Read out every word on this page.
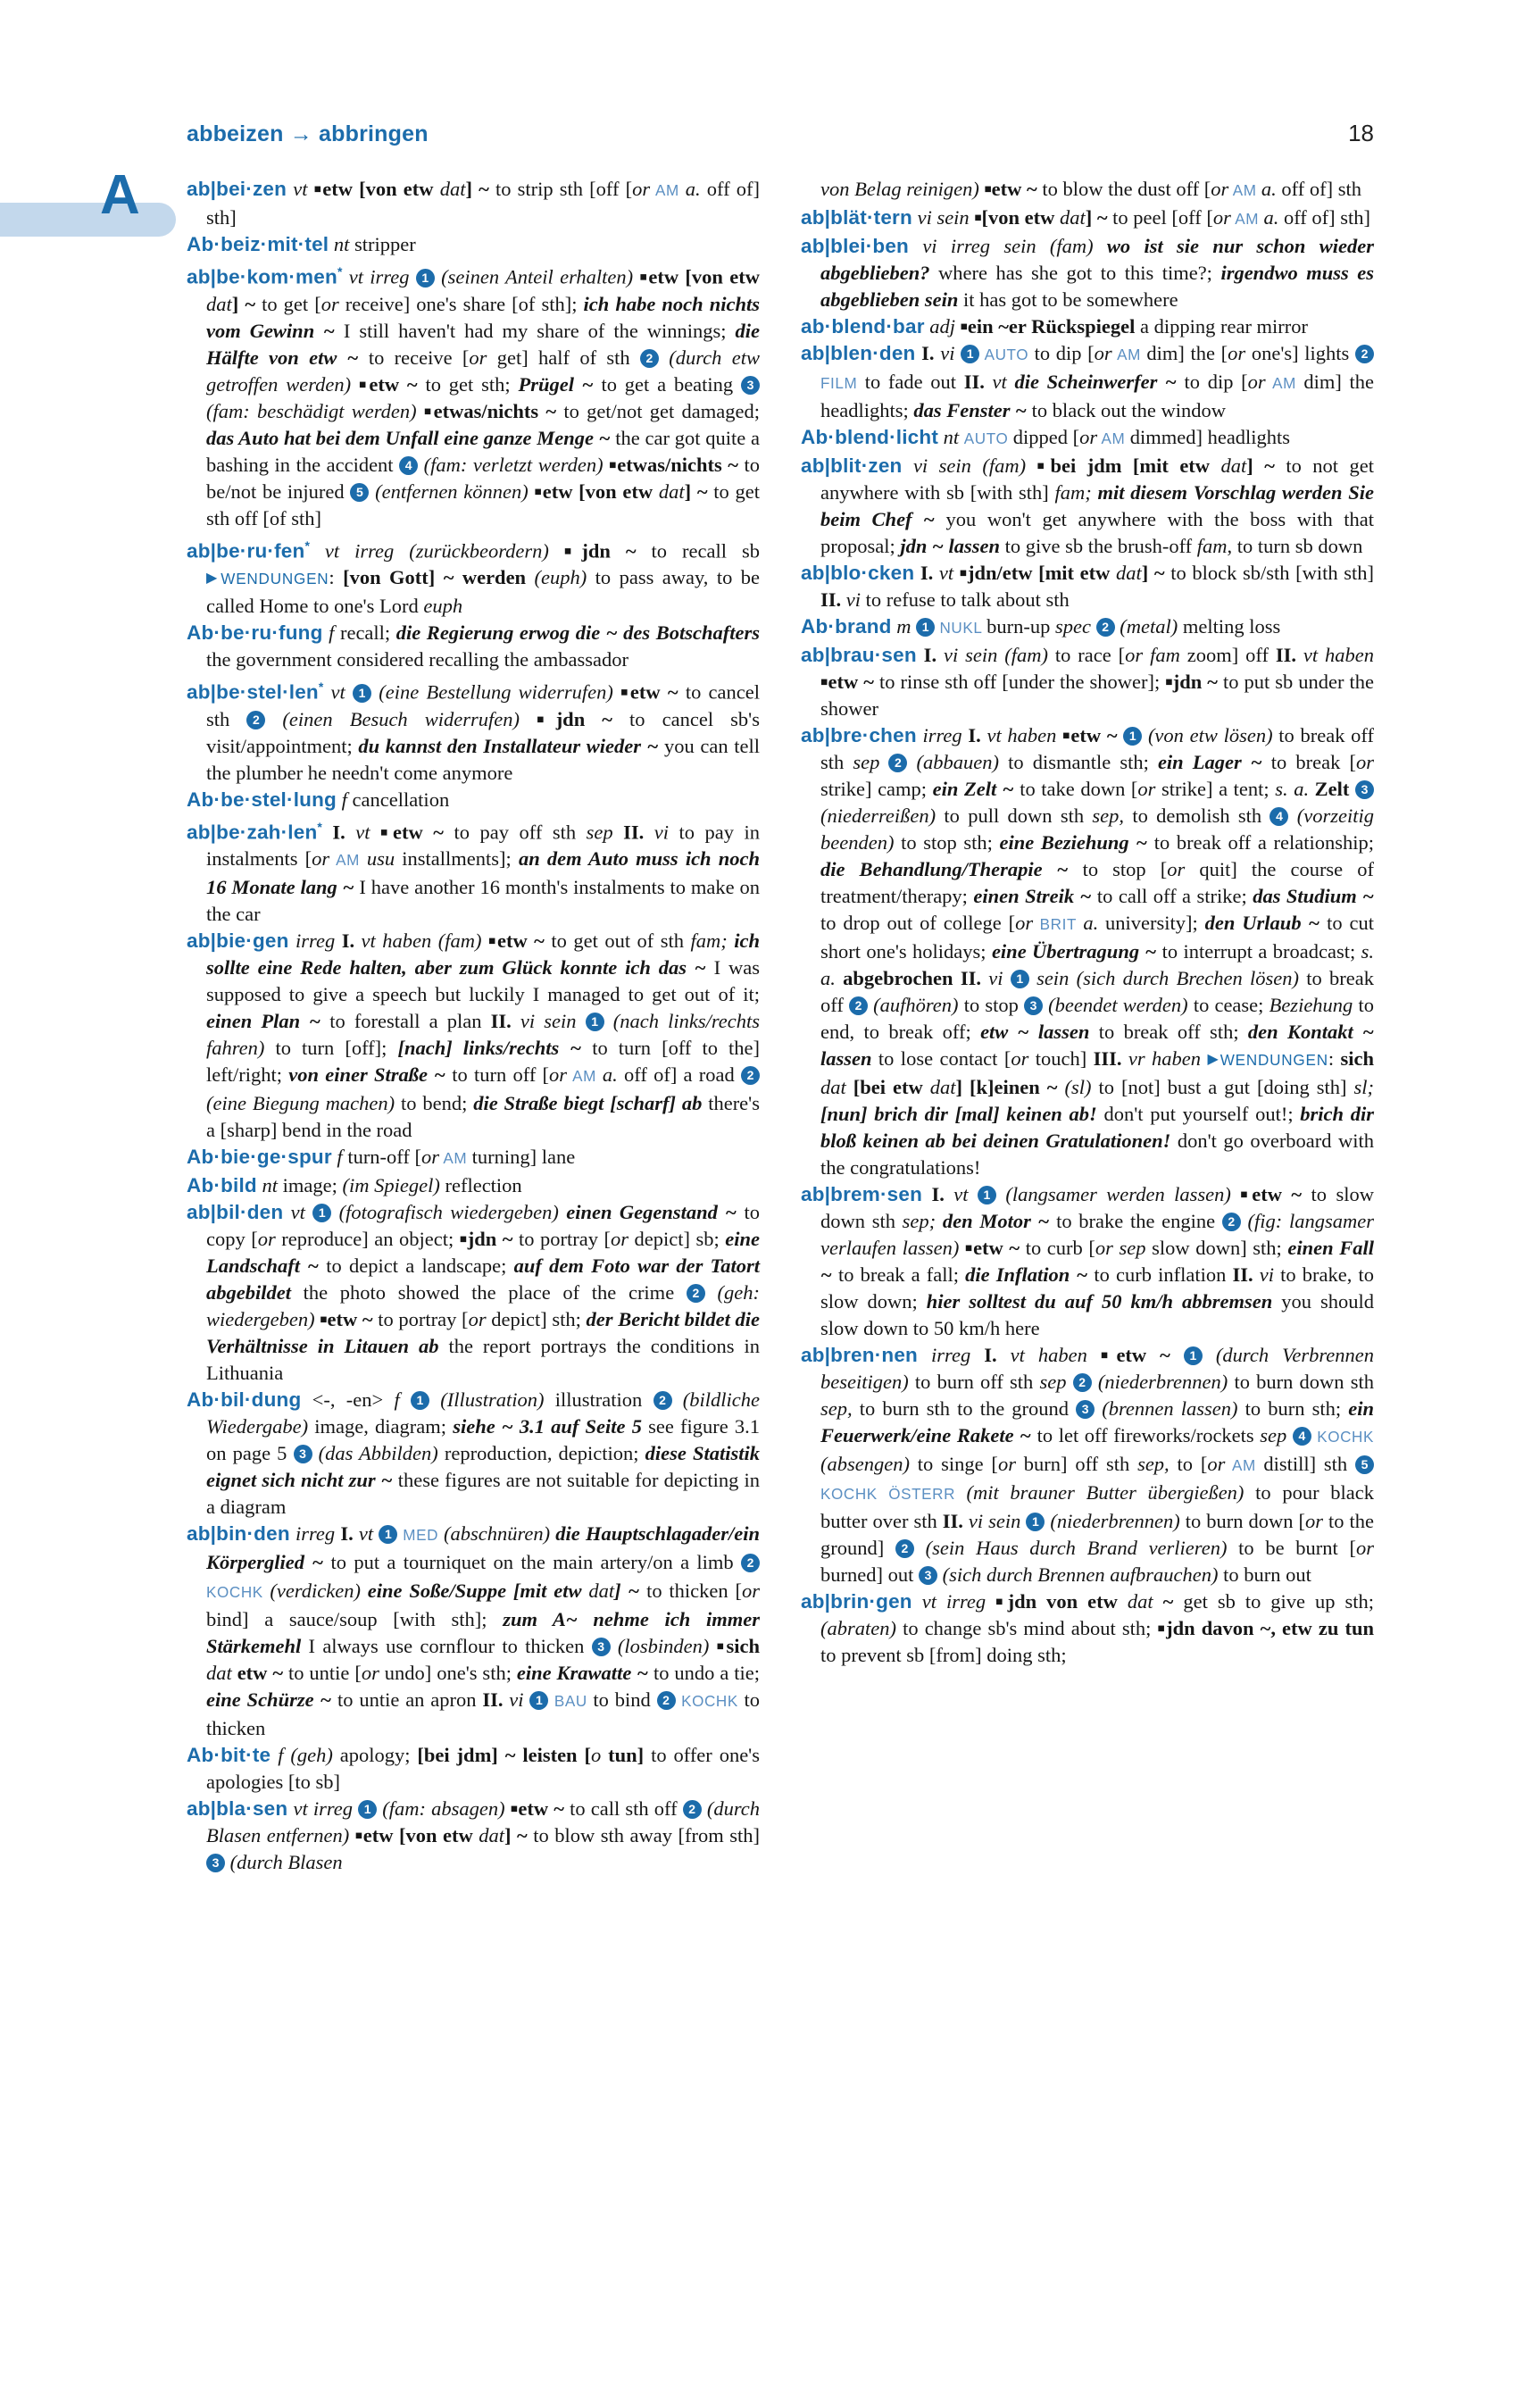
abbeizen → abbringen	18
A ab|bei·zen vt ■etw [von etw dat] ~ to strip sth [off [or AM a. off of] sth]

Ab·beiz·mit·tel nt stripper

ab|be·kom·men* vt irreg 1 (seinen Anteil erhalten) ■etw [von etw dat] ~ to get [or receive] one's share [of sth]; ich habe noch nichts vom Gewinn ~ I still haven't had my share of the winnings; die Hälfte von etw ~ to receive [or get] half of sth 2 (durch etw getroffen werden) ■etw ~ to get sth; Prügel ~ to get a beating 3 (fam: beschädigt werden) ■etwas/nichts ~ to get/not get damaged; das Auto hat bei dem Unfall eine ganze Menge ~ the car got quite a bashing in the accident 4 (fam: verletzt werden) ■etwas/nichts ~ to be/not be injured 5 (entfernen können) ■etw [von etw dat] ~ to get sth off [of sth]

ab|be·ru·fen* vt irreg (zurückbeordern) ■jdn ~ to recall sb ▶WENDUNGEN: [von Gott] ~ werden (euph) to pass away, to be called Home to one's Lord euph

Ab·be·ru·fung f recall; die Regierung erwog die ~ des Botschafters the government considered recalling the ambassador

ab|be·stel·len* vt 1 (eine Bestellung widerrufen) ■etw ~ to cancel sth 2 (einen Besuch widerrufen) ■jdn ~ to cancel sb's visit/appointment; du kannst den Installateur wieder ~ you can tell the plumber he needn't come anymore

Ab·be·stel·lung f cancellation

ab|be·zah·len* I. vt ■etw ~ to pay off sth sep II. vi to pay in instalments [or AM usu installments]; an dem Auto muss ich noch 16 Monate lang ~ I have another 16 month's instalments to make on the car

ab|bie·gen irreg I. vt haben (fam) ■etw ~ to get out of sth fam; ich sollte eine Rede halten, aber zum Glück konnte ich das ~ I was supposed to give a speech but luckily I managed to get out of it; einen Plan ~ to forestall a plan II. vi sein 1 (nach links/rechts fahren) to turn [off]; [nach] links/rechts ~ to turn [off to the] left/right; von einer Straße ~ to turn off [or AM a. off of] a road 2 (eine Biegung machen) to bend; die Straße biegt [scharf] ab there's a [sharp] bend in the road

Ab·bie·ge·spur f turn-off [or AM turning] lane

Ab·bild nt image; (im Spiegel) reflection

ab|bil·den vt 1 (fotografisch wiedergeben) einen Gegenstand ~ to copy [or reproduce] an object; ■jdn ~ to portray [or depict] sb; eine Landschaft ~ to depict a landscape; auf dem Foto war der Tatort abgebildet the photo showed the place of the crime 2 (geh: wiedergeben) ■etw ~ to portray [or depict] sth; der Bericht bildet die Verhältnisse in Litauen ab the report portrays the conditions in Lithuania

Ab·bil·dung <-, -en> f 1 (Illustration) illustration 2 (bildliche Wiedergabe) image, diagram; siehe ~ 3.1 auf Seite 5 see figure 3.1 on page 5 3 (das Abbilden) reproduction, depiction; diese Statistik eignet sich nicht zur ~ these figures are not suitable for depicting in a diagram

ab|bin·den irreg I. vt 1 MED (abschnüren) die Hauptschlagader/ein Körperglied ~ to put a tourniquet on the main artery/on a limb 2 KOCHK (verdicken) eine Soße/Suppe [mit etw dat] ~ to thicken [or bind] a sauce/soup [with sth]; zum A~ nehme ich immer Stärkemehl I always use cornflour to thicken 3 (losbinden) ■sich dat etw ~ to untie [or undo] one's sth; eine Krawatte ~ to undo a tie; eine Schürze ~ to untie an apron II. vi 1 BAU to bind 2 KOCHK to thicken

Ab·bit·te f (geh) apology; [bei jdm] ~ leisten [o tun] to offer one's apologies [to sb]

ab|bla·sen vt irreg 1 (fam: absagen) ■etw ~ to call sth off 2 (durch Blasen entfernen) ■etw [von etw dat] ~ to blow sth away [from sth] 3 (durch Blasen

von Belag reinigen) ■etw ~ to blow the dust off [or AM a. off of] sth

ab|blät·tern vi sein ■[von etw dat] ~ to peel [off [or AM a. off of] sth]

ab|blei·ben vi irreg sein (fam) wo ist sie nur schon wieder abgeblieben? where has she got to this time?; irgendwo muss es abgeblieben sein it has got to be somewhere

ab·blend·bar adj ■ein ~er Rückspiegel a dipping rear mirror

ab|blen·den I. vi 1 AUTO to dip [or AM dim] the [or one's] lights 2 FILM to fade out II. vt die Scheinwerfer ~ to dip [or AM dim] the headlights; das Fenster ~ to black out the window

Ab·blend·licht nt AUTO dipped [or AM dimmed] headlights

ab|blit·zen vi sein (fam) ■bei jdm [mit etw dat] ~ to not get anywhere with sb [with sth] fam; mit diesem Vorschlag werden Sie beim Chef ~ you won't get anywhere with the boss with that proposal; jdn ~ lassen to give sb the brush-off fam, to turn sb down

ab|blo·cken I. vt ■jdn/etw [mit etw dat] ~ to block sb/sth [with sth] II. vi to refuse to talk about sth

Ab·brand m 1 NUKL burn-up spec 2 (metal) melting loss

ab|brau·sen I. vi sein (fam) to race [or fam zoom] off II. vt haben ■etw ~ to rinse sth off [under the shower]; ■jdn ~ to put sb under the shower

ab|bre·chen irreg I. vt haben ■etw ~ 1 (von etw lösen) to break off sth sep 2 (abbauen) to dismantle sth; ein Lager ~ to break [or strike] camp; ein Zelt ~ to take down [or strike] a tent; s. a. Zelt 3 (niederreißen) to pull down sth sep, to demolish sth 4 (vorzeitig beenden) to stop sth; eine Beziehung ~ to break off a relationship; die Behandlung/Therapie ~ to stop [or quit] the course of treatment/therapy; einen Streik ~ to call off a strike; das Studium ~ to drop out of college [or BRIT a. university]; den Urlaub ~ to cut short one's holidays; eine Übertragung ~ to interrupt a broadcast; s. a. abgebrochen II. vi 1 sein (sich durch Brechen lösen) to break off 2 (aufhören) to stop 3 (beendet werden) to cease; Beziehung to end, to break off; etw ~ lassen to break off sth; den Kontakt ~ lassen to lose contact [or touch] III. vr haben ▶WENDUNGEN: sich dat [bei etw dat] [k]einen ~ (sl) to [not] bust a gut [doing sth] sl; [nun] brich dir [mal] keinen ab! don't put yourself out!; brich dir bloß keinen ab bei deinen Gratulationen! don't go overboard with the congratulations!

ab|brem·sen I. vt 1 (langsamer werden lassen) ■etw ~ to slow down sth sep; den Motor ~ to brake the engine 2 (fig: langsamer verlaufen lassen) ■etw ~ to curb [or sep slow down] sth; einen Fall ~ to break a fall; die Inflation ~ to curb inflation II. vi to brake, to slow down; hier solltest du auf 50 km/h abbremsen you should slow down to 50 km/h here

ab|bren·nen irreg I. vt haben ■etw ~ 1 (durch Verbrennen beseitigen) to burn off sth sep 2 (niederbrennen) to burn down sth sep, to burn sth to the ground 3 (brennen lassen) to burn sth; ein Feuerwerk/eine Rakete ~ to let off fireworks/rockets sep 4 KOCHK (absengen) to singe [or burn] off sth sep, to [or AM distill] sth 5 KOCHK ÖSTERR (mit brauner Butter übergießen) to pour black butter over sth II. vi sein 1 (niederbrennen) to burn down [or to the ground] 2 (sein Haus durch Brand verlieren) to be burnt [or burned] out 3 (sich durch Brennen aufbrauchen) to burn out

ab|brin·gen vt irreg ■jdn von etw dat ~ get sb to give up sth; (abraten) to change sb's mind about sth; ■jdn davon ~, etw zu tun to prevent sb [from] doing sth;
